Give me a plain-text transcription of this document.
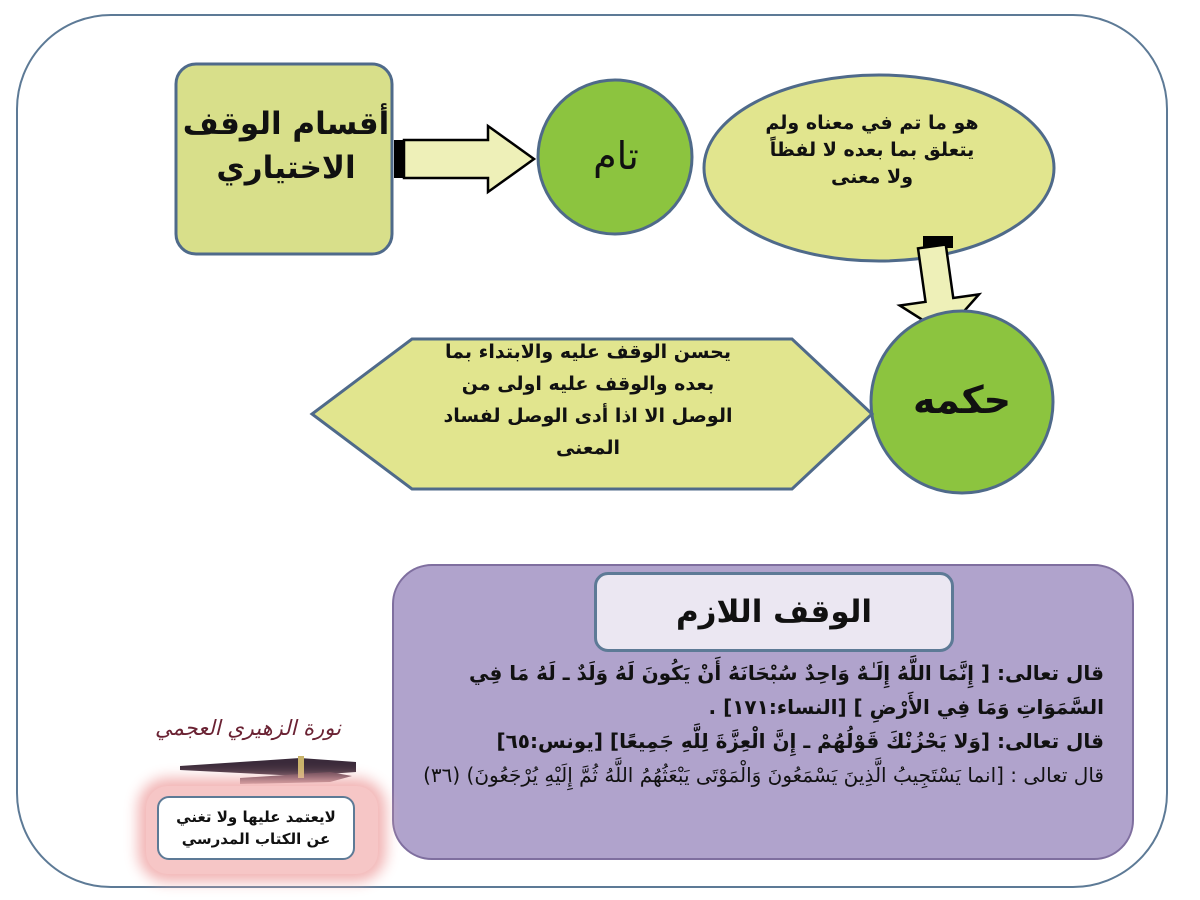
أقسام الوقف
الاختياري	تام
هو ما تم في معناه ولم
يتعلق بما بعده لا لفظاً
ولا معنى
حكمه
يحسن الوقف عليه والابتداء بما
بعده والوقف عليه اولى من
الوصل الا اذا أدى الوصل لفساد
المعنى
الوقف اللازم

قال تعالى: [ إِنَّمَا اللَّهُ إِلَـٰهٌ وَاحِدٌ سُبْحَانَهُ أَنْ يَكُونَ لَهُ وَلَدٌ ـ لَهُ مَا فِي السَّمَوَاتِ وَمَا فِي الأَرْضِ ] [النساء:١٧١] .

قال تعالى: [وَلا يَحْزُنْكَ قَوْلُهُمْ ـ إِنَّ الْعِزَّةَ لِلَّهِ جَمِيعًا] [يونس:٦٥]

قال تعالى : [انما يَسْتَجِيبُ الَّذِينَ يَسْمَعُونَ وَالْمَوْتَى يَبْعَثُهُمُ اللَّهُ ثُمَّ إِلَيْهِ يُرْجَعُونَ) (٣٦)

نورة الزهيري العجمي
لايعتمد عليها ولا تغني
عن الكتاب المدرسي
